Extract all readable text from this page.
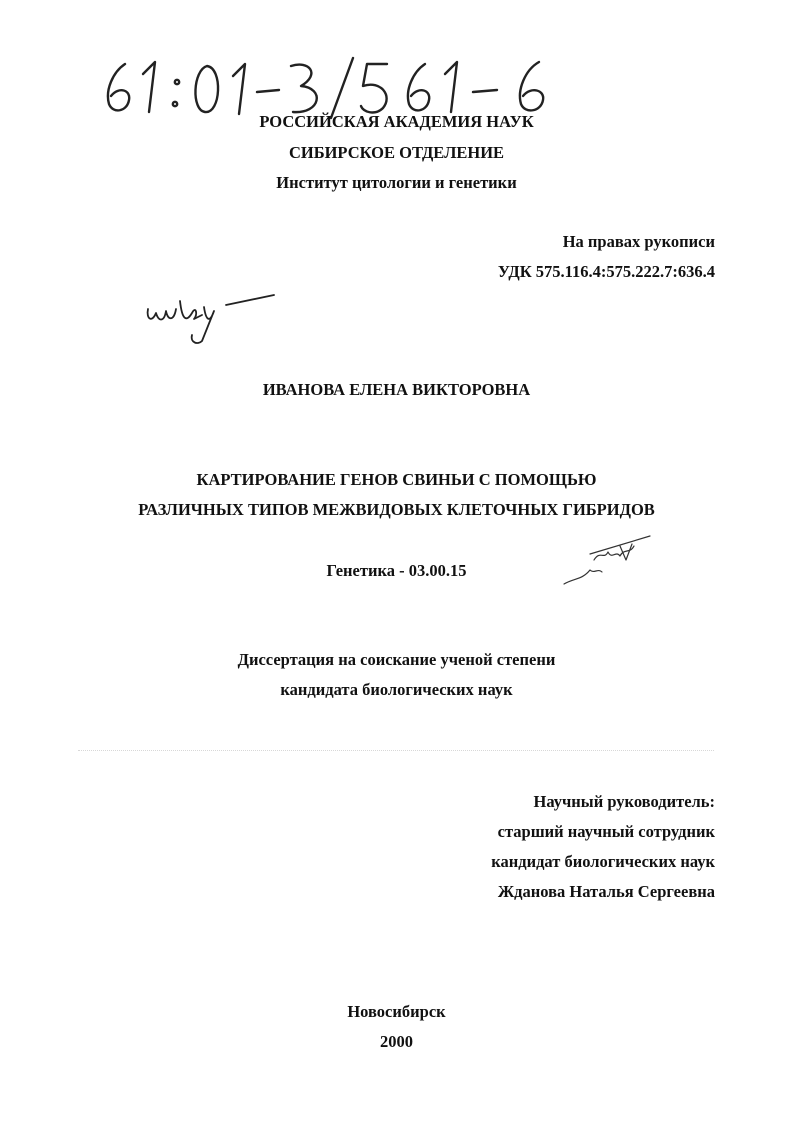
РОССИЙСКАЯ АКАДЕМИЯ НАУК
СИБИРСКОЕ ОТДЕЛЕНИЕ
Институт цитологии и генетики
На правах рукописи
УДК 575.116.4:575.222.7:636.4
ИВАНОВА ЕЛЕНА ВИКТОРОВНА
КАРТИРОВАНИЕ ГЕНОВ СВИНЬИ С ПОМОЩЬЮ
РАЗЛИЧНЫХ ТИПОВ МЕЖВИДОВЫХ КЛЕТОЧНЫХ ГИБРИДОВ
Генетика - 03.00.15
Диссертация на соискание ученой степени
кандидата биологических наук
Научный руководитель:
старший научный сотрудник
кандидат биологических наук
Жданова Наталья Сергеевна
Новосибирск
2000
